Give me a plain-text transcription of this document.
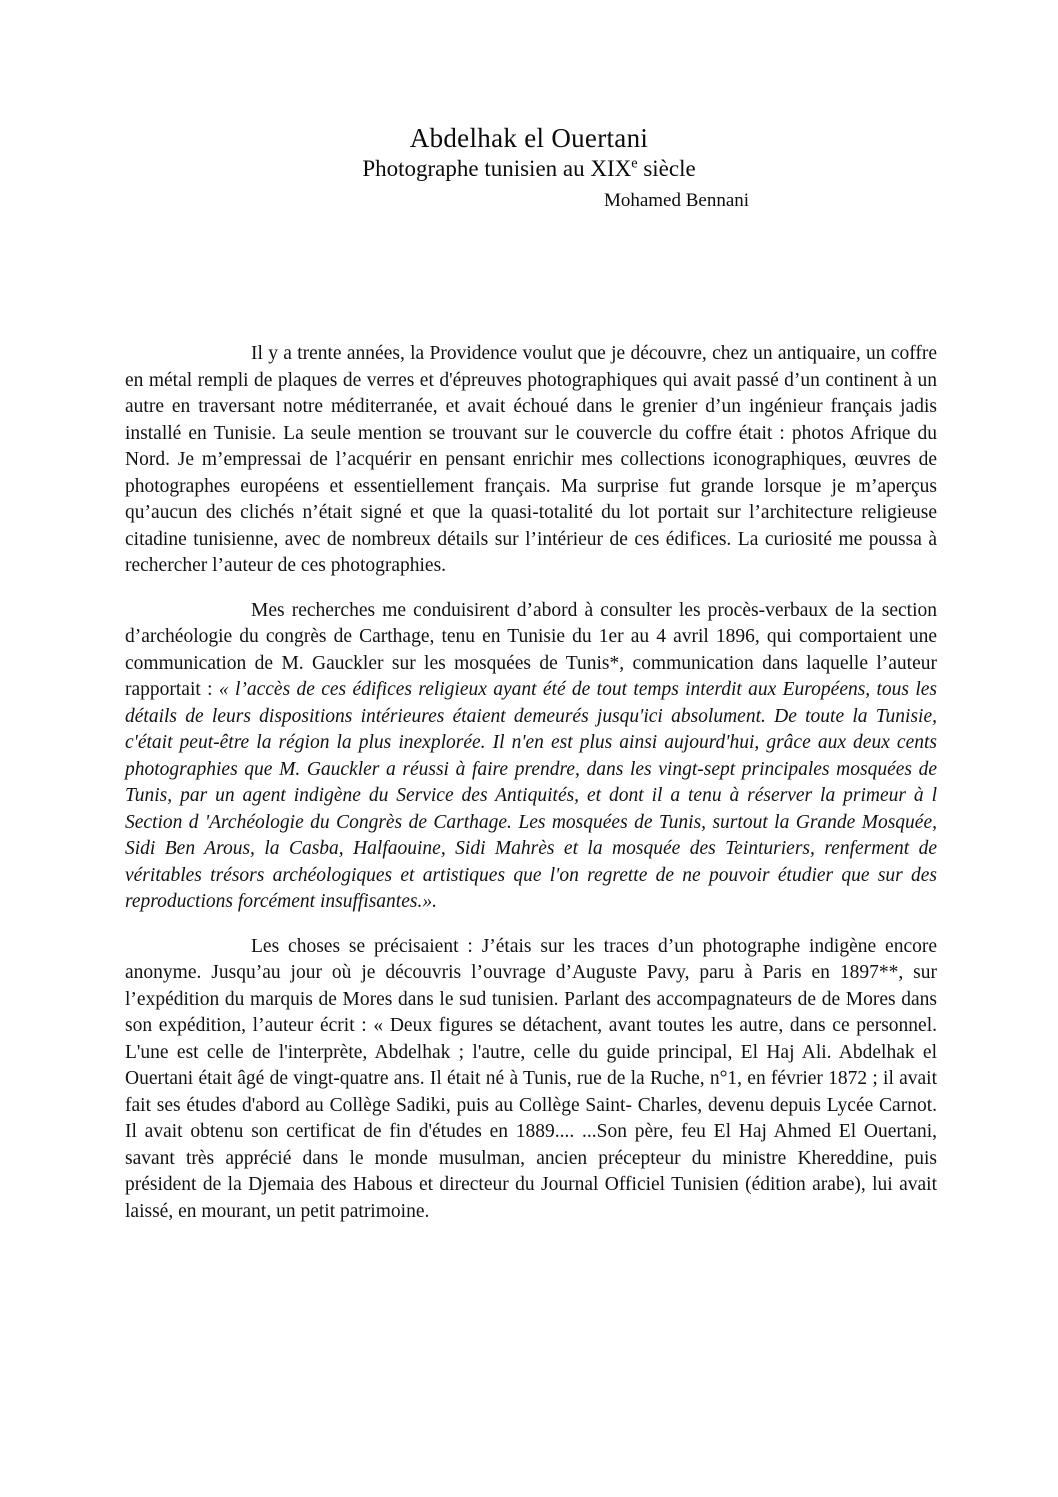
Abdelhak el Ouertani
Photographe tunisien au XIXe siècle
Mohamed Bennani

Il y a trente années, la Providence voulut que je découvre, chez un antiquaire, un coffre en métal rempli de plaques de verres et d'épreuves photographiques qui avait passé d’un continent à un autre en traversant notre méditerranée, et avait échoué dans le grenier d’un ingénieur français jadis installé en Tunisie. La seule mention se trouvant sur le couvercle du coffre était : photos Afrique du Nord. Je m’empressai de l’acquérir en pensant enrichir mes collections iconographiques, œuvres de photographes européens et essentiellement français. Ma surprise fut grande lorsque je m’aperçus qu’aucun des clichés n’était signé et que la quasi-totalité du lot portait sur l’architecture religieuse citadine tunisienne, avec de nombreux détails sur l’intérieur de ces édifices. La curiosité me poussa à rechercher l’auteur de ces photographies.

Mes recherches me conduisirent d’abord à consulter les procès-verbaux de la section d’archéologie du congrès de Carthage, tenu en Tunisie du 1er au 4 avril 1896, qui comportaient une communication de M. Gauckler sur les mosquées de Tunis*, communication dans laquelle l’auteur rapportait : « l’accès de ces édifices religieux ayant été de tout temps interdit aux Européens, tous les détails de leurs dispositions intérieures étaient demeurés jusqu'ici absolument. De toute la Tunisie, c'était peut-être la région la plus inexplorée. Il n'en est plus ainsi aujourd'hui, grâce aux deux cents photographies que M. Gauckler a réussi à faire prendre, dans les vingt-sept principales mosquées de Tunis, par un agent indigène du Service des Antiquités, et dont il a tenu à réserver la primeur à l Section d 'Archéologie du Congrès de Carthage. Les mosquées de Tunis, surtout la Grande Mosquée, Sidi Ben Arous, la Casba, Halfaouine, Sidi Mahrès et la mosquée des Teinturiers, renferment de véritables trésors archéologiques et artistiques que l'on regrette de ne pouvoir étudier que sur des reproductions forcément insuffisantes.».

Les choses se précisaient : J’étais sur les traces d’un photographe indigène encore anonyme. Jusqu’au jour où je découvris l’ouvrage d’Auguste Pavy, paru à Paris en 1897**, sur l’expédition du marquis de Mores dans le sud tunisien. Parlant des accompagnateurs de de Mores dans son expédition, l’auteur écrit : « Deux figures se détachent, avant toutes les autre, dans ce personnel. L'une est celle de l'interprète, Abdelhak ; l'autre, celle du guide principal, El Haj Ali. Abdelhak el Ouertani était âgé de vingt-quatre ans. Il était né à Tunis, rue de la Ruche, n°1, en février 1872 ; il avait fait ses études d'abord au Collège Sadiki, puis au Collège Saint- Charles, devenu depuis Lycée Carnot. Il avait obtenu son certificat de fin d'études en 1889.... ...Son père, feu El Haj Ahmed El Ouertani, savant très apprécié dans le monde musulman, ancien précepteur du ministre Khereddine, puis président de la Djemaia des Habous et directeur du Journal Officiel Tunisien (édition arabe), lui avait laissé, en mourant, un petit patrimoine.
